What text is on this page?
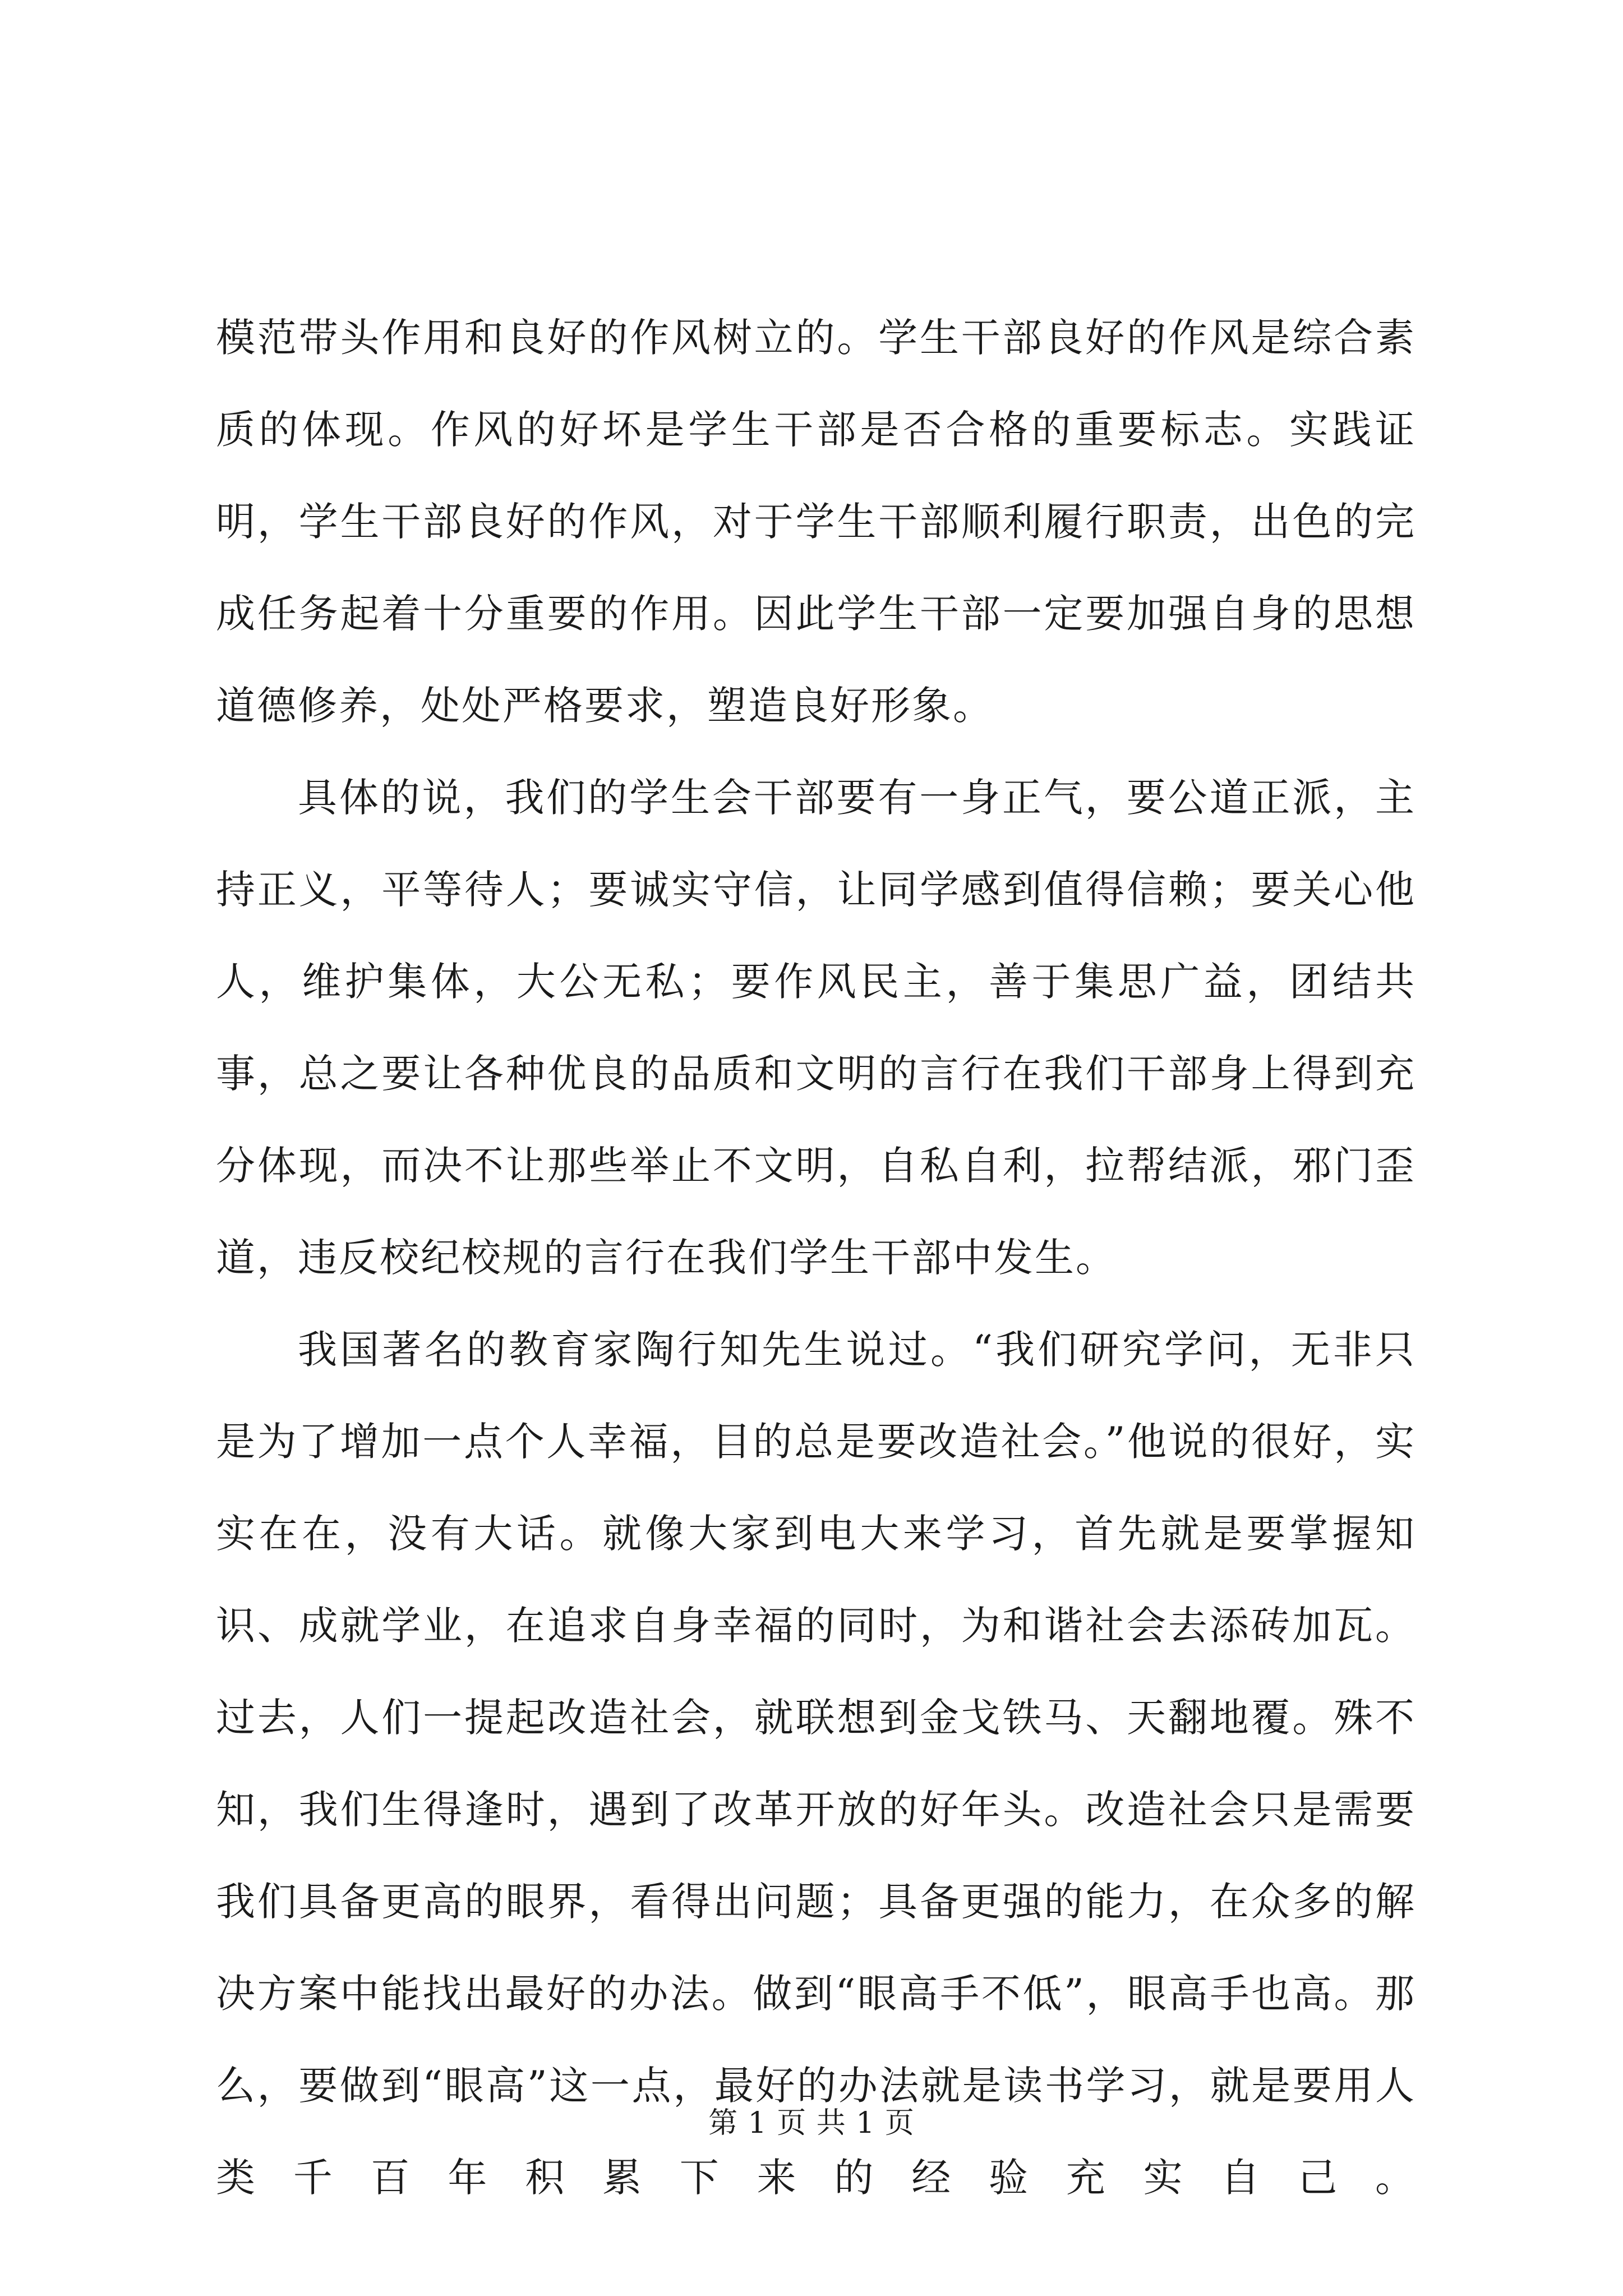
模范带头作用和良好的作风树立的。学生干部良好的作风是综合素质的体现。作风的好坏是学生干部是否合格的重要标志。实践证明，学生干部良好的作风，对于学生干部顺利履行职责，出色的完成任务起着十分重要的作用。因此学生干部一定要加强自身的思想道德修养，处处严格要求，塑造良好形象。

具体的说，我们的学生会干部要有一身正气，要公道正派，主持正义，平等待人；要诚实守信，让同学感到值得信赖；要关心他人，维护集体，大公无私；要作风民主，善于集思广益，团结共事，总之要让各种优良的品质和文明的言行在我们干部身上得到充分体现，而决不让那些举止不文明，自私自利，拉帮结派，邪门歪道，违反校纪校规的言行在我们学生干部中发生。

我国著名的教育家陶行知先生说过。“我们研究学问，无非只是为了增加一点个人幸福，目的总是要改造社会。”他说的很好，实实在在，没有大话。就像大家到电大来学习，首先就是要掌握知识、成就学业，在追求自身幸福的同时，为和谐社会去添砖加瓦。过去，人们一提起改造社会，就联想到金戈铁马、天翻地覆。殊不知，我们生得逢时，遇到了改革开放的好年头。改造社会只是需要我们具备更高的眼界，看得出问题；具备更强的能力，在众多的解决方案中能找出最好的办法。做到“眼高手不低”，眼高手也高。那么，要做到“眼高”这一点，最好的办法就是读书学习，就是要用人类千百年积累下来的经验充实自己。

第 1 页 共 1 页
